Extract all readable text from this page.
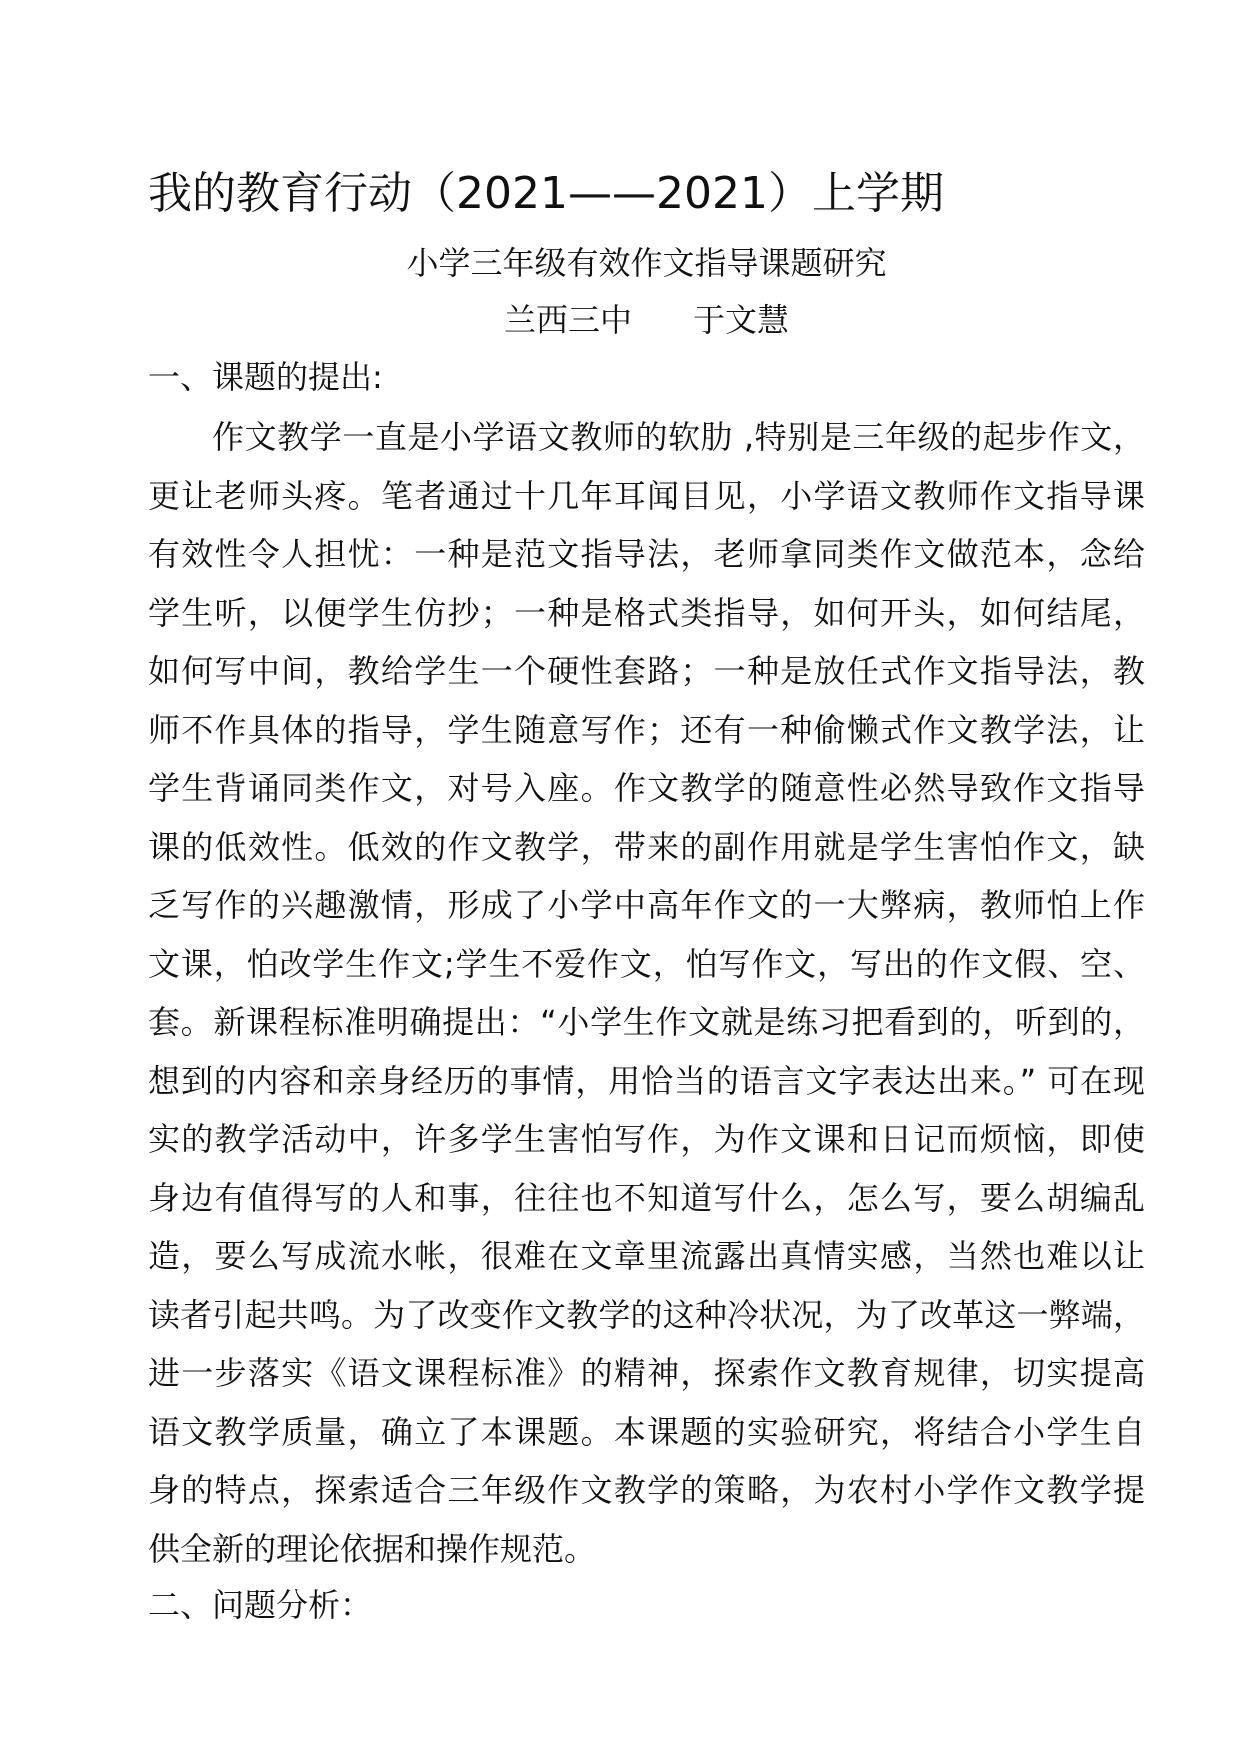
我的教育行动（2021——2021）上学期
小学三年级有效作文指导课题研究
兰西三中      于文慧
一、课题的提出:
作文教学一直是小学语文教师的软肋 ,特别是三年级的起步作文，
更让老师头疼。笔者通过十几年耳闻目见，小学语文教师作文指导课
有效性令人担忧：一种是范文指导法，老师拿同类作文做范本，念给
学生听，以便学生仿抄；一种是格式类指导，如何开头，如何结尾，
如何写中间，教给学生一个硬性套路；一种是放任式作文指导法，教
师不作具体的指导，学生随意写作；还有一种偷懒式作文教学法，让
学生背诵同类作文，对号入座。作文教学的随意性必然导致作文指导
课的低效性。低效的作文教学，带来的副作用就是学生害怕作文，缺
乏写作的兴趣激情，形成了小学中高年作文的一大弊病，教师怕上作
文课，怕改学生作文;学生不爱作文，怕写作文，写出的作文假、空、
套。新课程标准明确提出：“小学生作文就是练习把看到的，听到的，
想到的内容和亲身经历的事情，用恰当的语言文字表达出来。” 可在现
实的教学活动中，许多学生害怕写作，为作文课和日记而烦恼，即使
身边有值得写的人和事，往往也不知道写什么，怎么写，要么胡编乱
造，要么写成流水帐，很难在文章里流露出真情实感，当然也难以让
读者引起共鸣。为了改变作文教学的这种冷状况，为了改革这一弊端，
进一步落实《语文课程标准》的精神，探索作文教育规律，切实提高
语文教学质量，确立了本课题。本课题的实验研究，将结合小学生自
身的特点，探索适合三年级作文教学的策略，为农村小学作文教学提
供全新的理论依据和操作规范。
二、问题分析：
